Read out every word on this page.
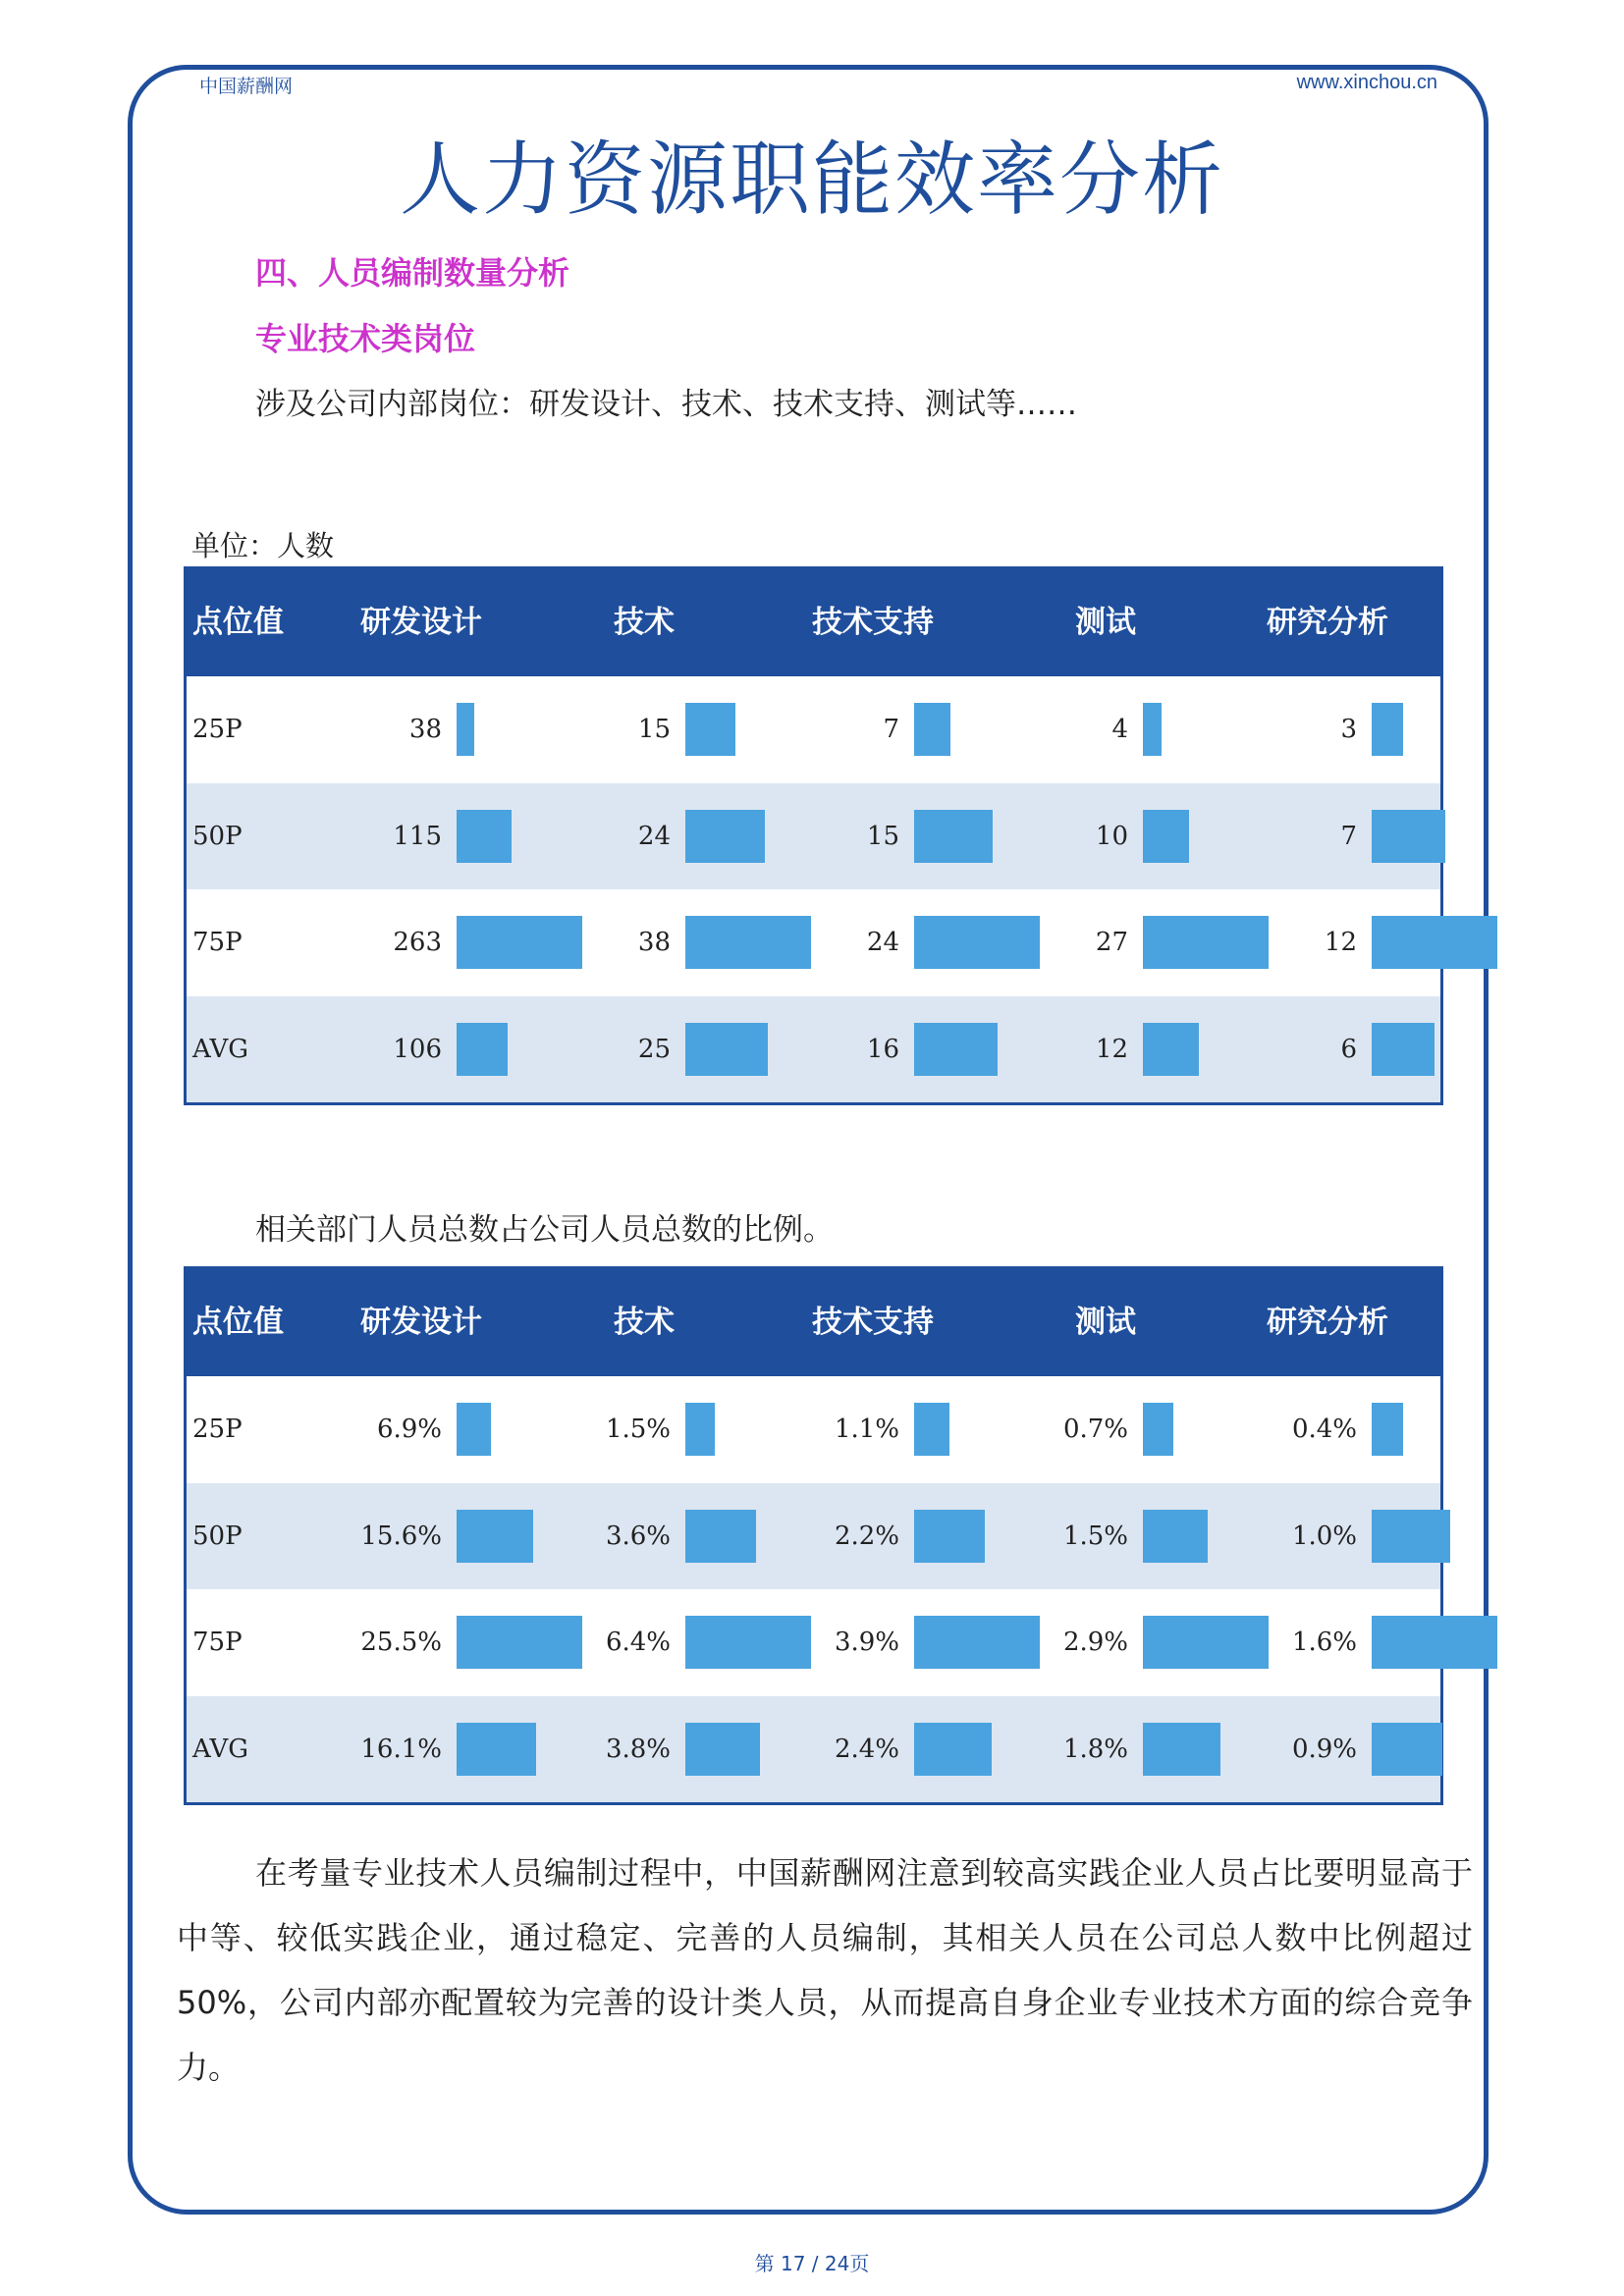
中国薪酬网	www.xinchou.cn
人力资源职能效率分析
四、人员编制数量分析
专业技术类岗位
涉及公司内部岗位：研发设计、技术、技术支持、测试等……
单位：人数
点位值	研发设计	技术	技术支持	测试	研究分析
25P	38	15	7	4	3
50P	115	24	15	10	7
75P	263	38	24	27	12
AVG	106	25	16	12	6
相关部门人员总数占公司人员总数的比例。
点位值	研发设计	技术	技术支持	测试	研究分析
25P	6.9%	1.5%	1.1%	0.7%	0.4%
50P	15.6%	3.6%	2.2%	1.5%	1.0%
75P	25.5%	6.4%	3.9%	2.9%	1.6%
AVG	16.1%	3.8%	2.4%	1.8%	0.9%
在考量专业技术人员编制过程中，中国薪酬网注意到较高实践企业人员占比要明显高于中等、较低实践企业，通过稳定、完善的人员编制，其相关人员在公司总人数中比例超过50%，公司内部亦配置较为完善的设计类人员，从而提高自身企业专业技术方面的综合竞争力。
第 17 / 24页
